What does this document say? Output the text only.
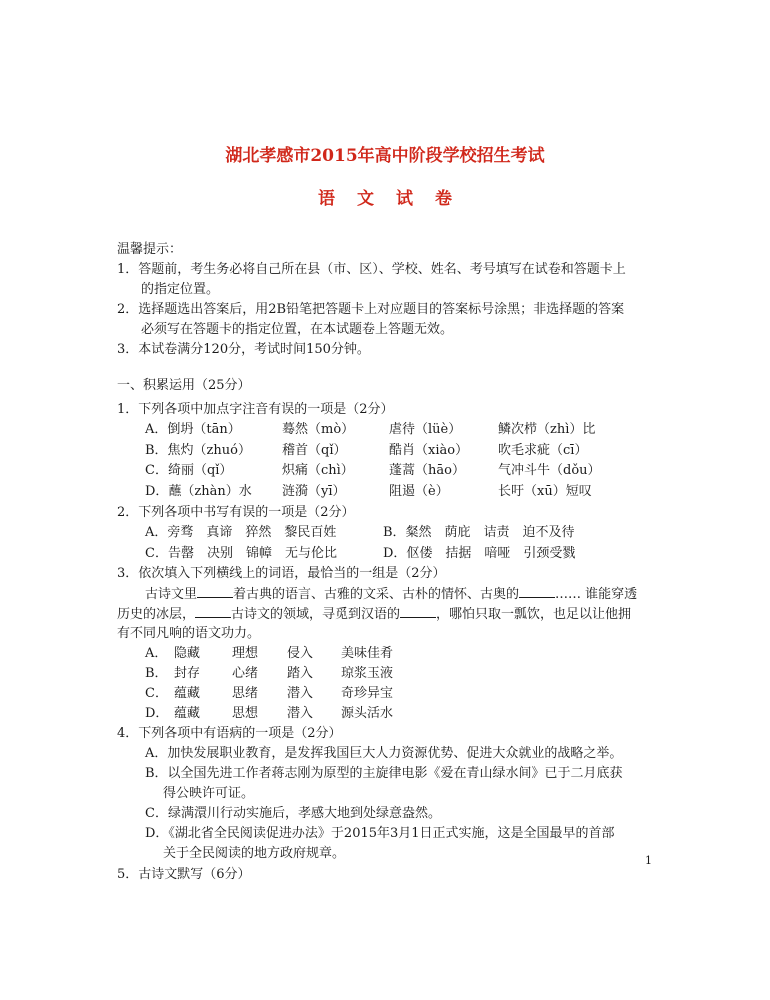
湖北孝感市2015年高中阶段学校招生考试
语文试卷
温馨提示：
1．答题前，考生务必将自己所在县（市、区）、学校、姓名、考号填写在试卷和答题卡上
的指定位置。
2．选择题选出答案后，用2B铅笔把答题卡上对应题目的答案标号涂黑；非选择题的答案
必须写在答题卡的指定位置，在本试题卷上答题无效。
3．本试卷满分120分，考试时间150分钟。
一、积累运用（25分）
1．下列各项中加点字注音有误的一项是（2分）
A．倒坍（tān）	蓦然（mò）	虐待（lüè）	鳞次栉（zhì）比
B．焦灼（zhuó） 稽首（qǐ）	酷肖（xiào） 吹毛求疵（cī）
C．绮丽（qǐ）	炽痛（chì）	蓬蒿（hāo）	气冲斗牛（dǒu）
D．蘸（zhàn）水 涟漪（yī）	阻遏（è）	长吁（xū）短叹
2．下列各项中书写有误的一项是（2分）
A．旁骛　真谛　猝然　黎民百姓	B．粲然　荫庇　诘责　迫不及待
C．告罄　决别　锦幛　无与伦比	D．伛偻　拮据　喑哑　引颈受戮
3．依次填入下列横线上的词语，最恰当的一组是（2分）
古诗文里	着古典的语言、古雅的文采、古朴的情怀、古奥的	…… 谁能穿透
历史的冰层，	古诗文的领域，寻觅到汉语的	，哪怕只取一瓢饮，也足以让他拥
有不同凡响的语文功力。
A． 隐藏 理想 侵入 美味佳肴
B． 封存 心绪 踏入 琼浆玉液
C． 蕴藏 思绪 潜入 奇珍异宝
D． 蕴藏 思想 潜入 源头活水
4．下列各项中有语病的一项是（2分）
A．加快发展职业教育，是发挥我国巨大人力资源优势、促进大众就业的战略之举。
B．以全国先进工作者蒋志刚为原型的主旋律电影《爱在青山绿水间》已于二月底获
得公映许可证。
C．绿满澴川行动实施后，孝感大地到处绿意盎然。
D．《湖北省全民阅读促进办法》于2015年3月1日正式实施，这是全国最早的首部
关于全民阅读的地方政府规章。
5．古诗文默写（6分）
1
